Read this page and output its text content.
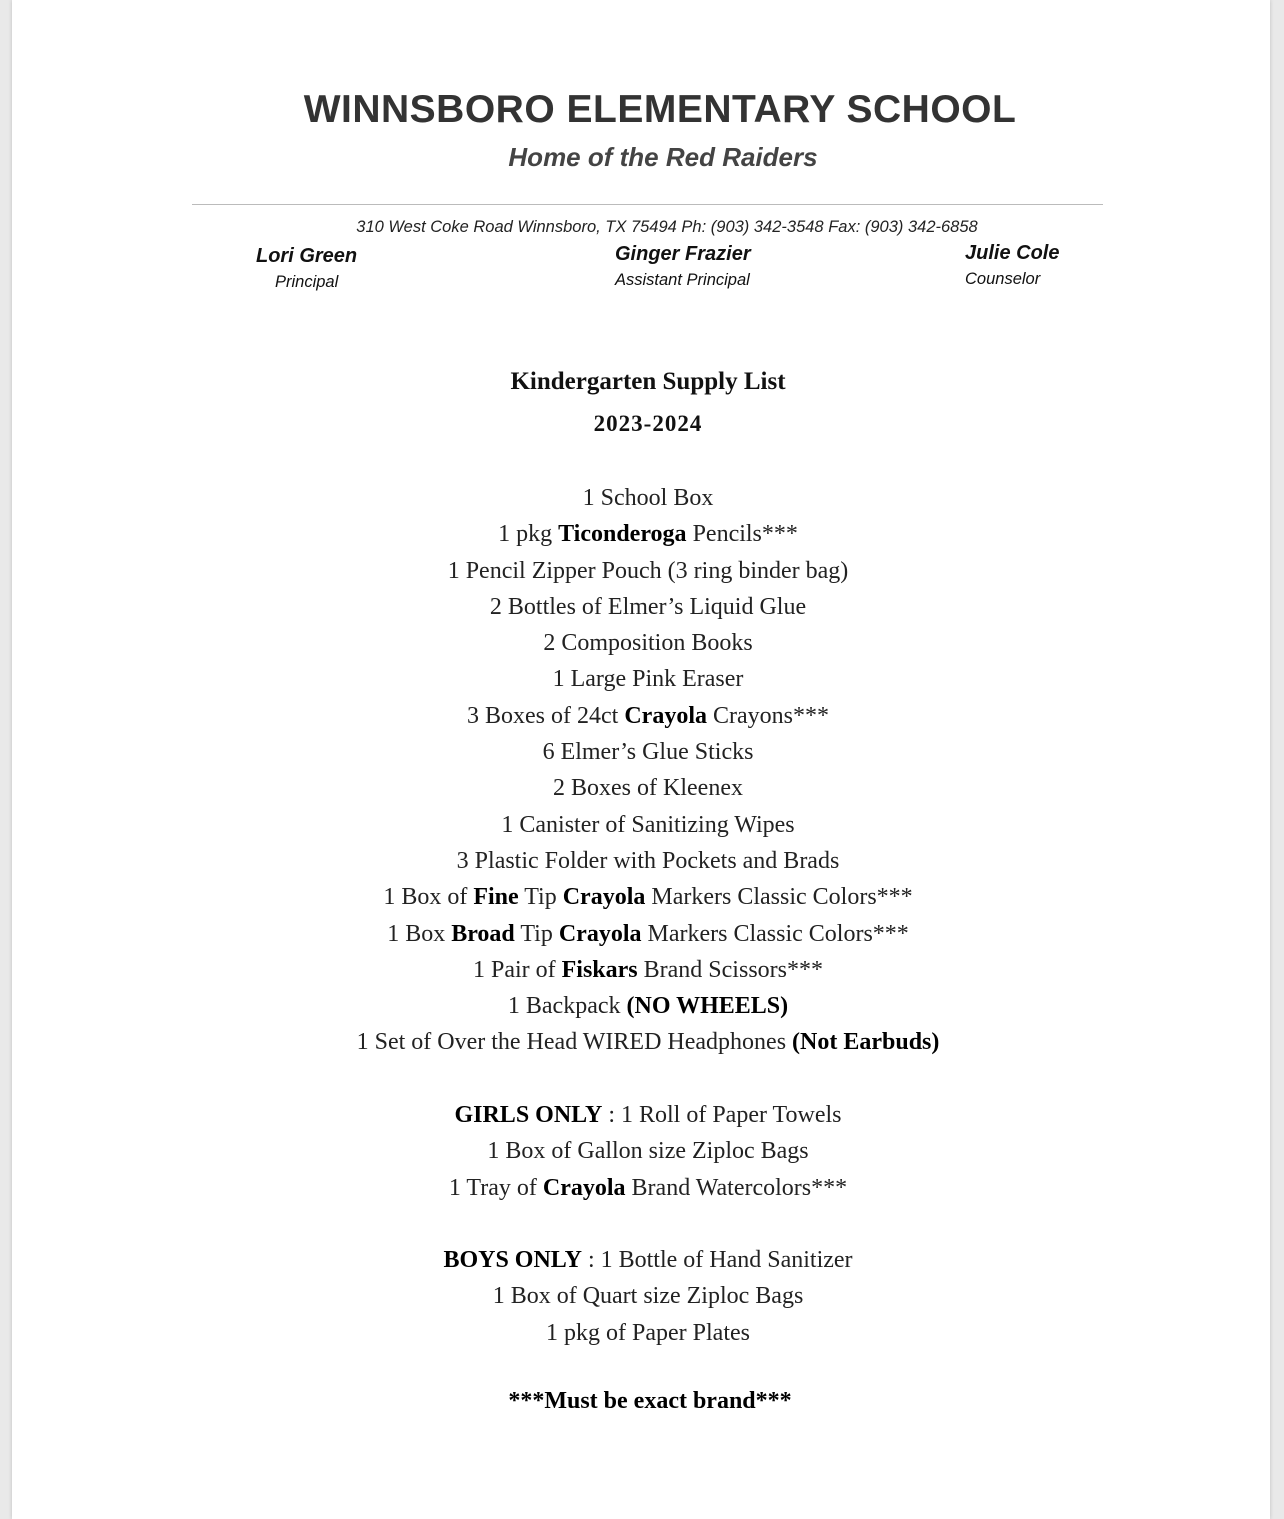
WINNSBORO ELEMENTARY SCHOOL
Home of the Red Raiders
310 West Coke Road Winnsboro, TX 75494 Ph: (903) 342-3548 Fax: (903) 342-6858
Lori Green
Principal
Ginger Frazier
Assistant Principal
Julie Cole
Counselor
Kindergarten Supply List
2023-2024
1 School Box
1 pkg Ticonderoga Pencils***
1 Pencil Zipper Pouch (3 ring binder bag)
2 Bottles of Elmer’s Liquid Glue
2 Composition Books
1 Large Pink Eraser
3 Boxes of 24ct Crayola Crayons***
6 Elmer’s Glue Sticks
2 Boxes of Kleenex
1 Canister of Sanitizing Wipes
3 Plastic Folder with Pockets and Brads
1 Box of Fine Tip Crayola Markers Classic Colors***
1 Box Broad Tip Crayola Markers Classic Colors***
1 Pair of Fiskars Brand Scissors***
1 Backpack (NO WHEELS)
1 Set of Over the Head WIRED Headphones (Not Earbuds)
GIRLS ONLY : 1 Roll of Paper Towels
1 Box of Gallon size Ziploc Bags
1 Tray of Crayola Brand Watercolors***
BOYS ONLY : 1 Bottle of Hand Sanitizer
1 Box of Quart size Ziploc Bags
1 pkg of Paper Plates
***Must be exact brand***
